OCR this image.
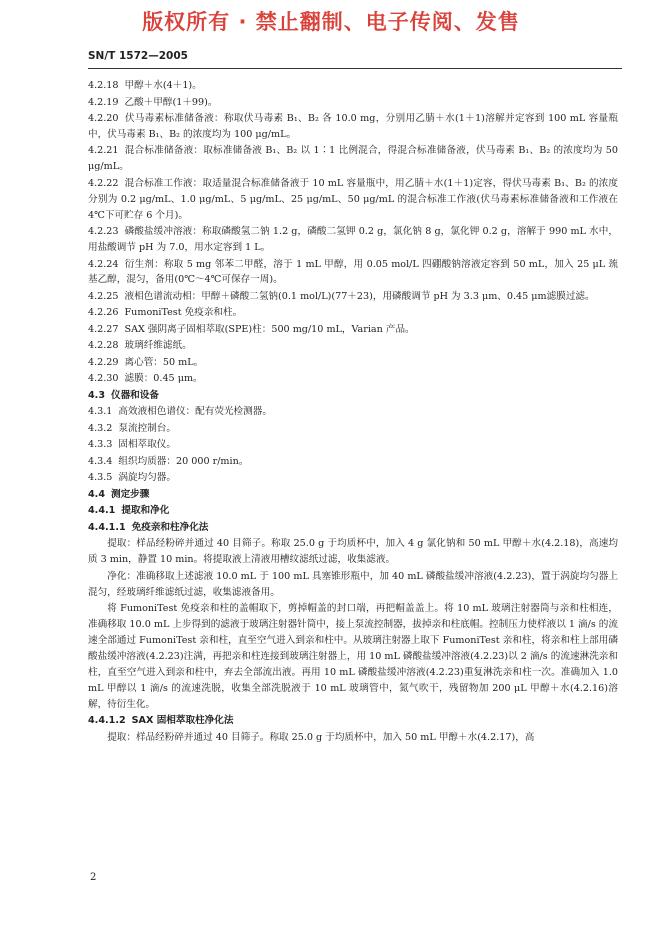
版权所有 · 禁止翻制、电子传阅、发售
SN/T 1572—2005
4.2.18 甲醇＋水(4＋1)。
4.2.19 乙酸＋甲醇(1＋99)。
4.2.20 伏马毒素标准储备液：称取伏马毒素 B₁、B₂ 各 10.0 mg，分别用乙腈＋水(1＋1)溶解并定容到 100 mL 容量瓶中，伏马毒素 B₁、B₂ 的浓度均为 100 μg/mL。
4.2.21 混合标准储备液：取标准储备液 B₁、B₂ 以 1∶1 比例混合，得混合标准储备液，伏马毒素 B₁、B₂ 的浓度均为 50 μg/mL。
4.2.22 混合标准工作液：取适量混合标准储备液于 10 mL 容量瓶中，用乙腈＋水(1＋1)定容，得伏马毒素 B₁、B₂ 的浓度分别为 0.2 μg/mL、1.0 μg/mL、5 μg/mL、25 μg/mL、50 μg/mL 的混合标准工作液(伏马毒素标准储备液和工作液在 4℃下可贮存 6 个月)。
4.2.23 磷酸盐缓冲溶液：称取磷酸氢二钠 1.2 g，磷酸二氢钾 0.2 g，氯化钠 8 g，氯化钾 0.2 g，溶解于 990 mL 水中，用盐酸调节 pH 为 7.0，用水定容到 1 L。
4.2.24 衍生剂：称取 5 mg 邻苯二甲醛，溶于 1 mL 甲醇，用 0.05 mol/L 四硼酸钠溶液定容到 50 mL，加入 25 μL 巯基乙醇，混匀，备用(0℃～4℃可保存一周)。
4.2.25 液相色谱流动相：甲醇＋磷酸二氢钠(0.1 mol/L)(77＋23)，用磷酸调节 pH 为 3.3 μm、0.45 μm滤膜过滤。
4.2.26 FumoniTest 免疫亲和柱。
4.2.27 SAX 强阴离子固相萃取(SPE)柱：500 mg/10 mL，Varian 产品。
4.2.28 玻璃纤维滤纸。
4.2.29 离心管：50 mL。
4.2.30 滤膜：0.45 μm。
4.3 仪器和设备
4.3.1 高效液相色谱仪：配有荧光检测器。
4.3.2 泵流控制台。
4.3.3 固相萃取仪。
4.3.4 组织均质器：20 000 r/min。
4.3.5 涡旋均匀器。
4.4 测定步骤
4.4.1 提取和净化
4.4.1.1 免疫亲和柱净化法
提取：样品经粉碎并通过 40 目筛子。称取 25.0 g 于均质杯中，加入 4 g 氯化钠和 50 mL 甲醇＋水(4.2.18)，高速均质 3 min，静置 10 min。将提取液上清液用槽纹滤纸过滤，收集滤液。
净化：准确移取上述滤液 10.0 mL 于 100 mL 具塞锥形瓶中，加 40 mL 磷酸盐缓冲溶液(4.2.23)，置于涡旋均匀器上混匀，经玻璃纤维滤纸过滤，收集滤液备用。
将 FumoniTest 免疫亲和柱的盖帽取下，剪掉帽盖的封口端，再把帽盖盖上。将 10 mL 玻璃注射器筒与亲和柱相连，准确移取 10.0 mL 上步得到的滤液于玻璃注射器针筒中，接上泵流控制器，拔掉亲和柱底帽。控制压力使样液以 1 滴/s 的流速全部通过 FumoniTest 亲和柱，直至空气进入到亲和柱中。从玻璃注射器上取下 FumoniTest 亲和柱，将亲和柱上部用磷酸盐缓冲溶液(4.2.23)注满，再把亲和柱连接到玻璃注射器上，用 10 mL 磷酸盐缓冲溶液(4.2.23)以 2 滴/s 的流速淋洗亲和柱，直至空气进入到亲和柱中，弃去全部流出液。再用 10 mL 磷酸盐缓冲溶液(4.2.23)重复淋洗亲和柱一次。准确加入 1.0 mL 甲醇以 1 滴/s 的流速洗脱，收集全部洗脱液于 10 mL 玻璃管中，氮气吹干，残留物加 200 μL 甲醇＋水(4.2.16)溶解，待衍生化。
4.4.1.2 SAX 固相萃取柱净化法
提取：样品经粉碎并通过 40 目筛子。称取 25.0 g 于均质杯中，加入 50 mL 甲醇＋水(4.2.17)，高
2
